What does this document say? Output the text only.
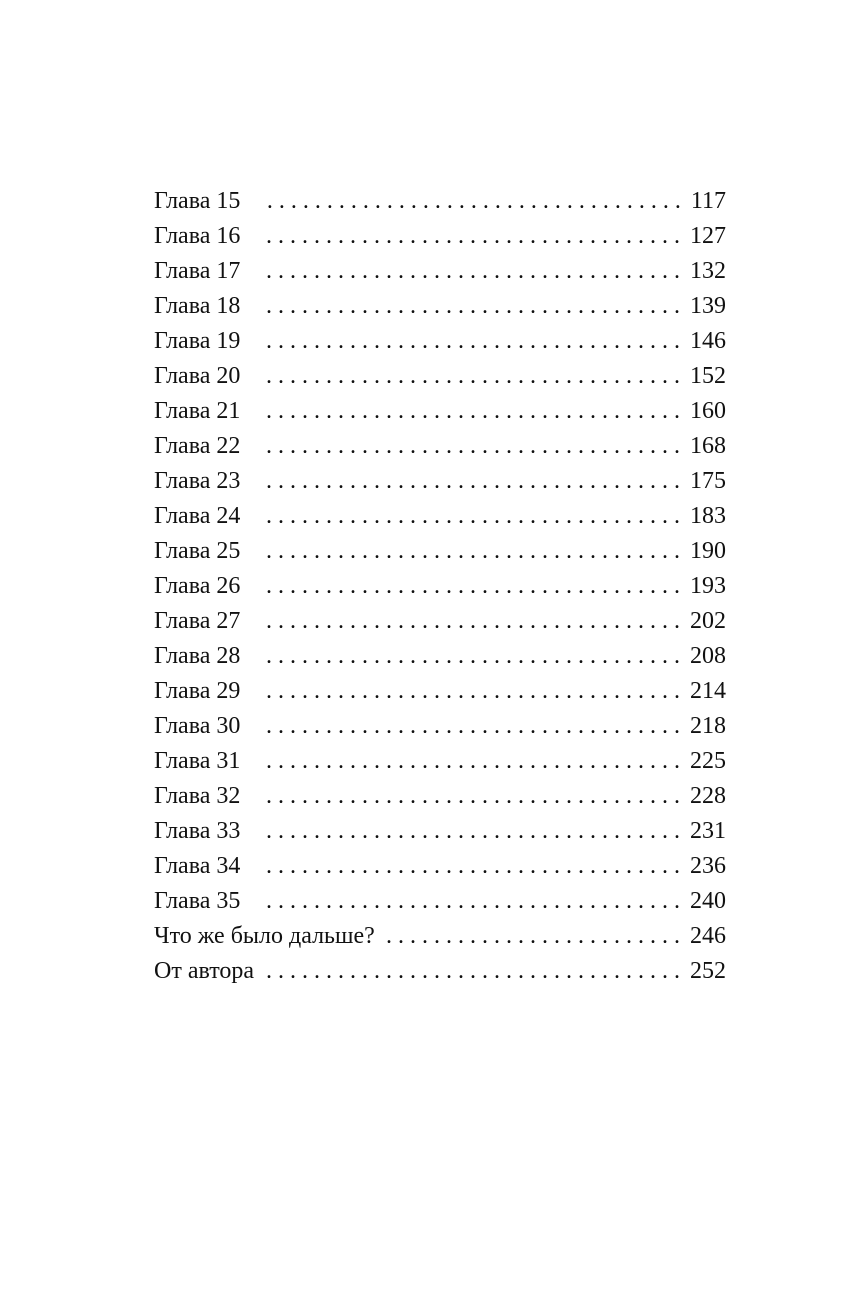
Глава 15 . . .	117
Глава 16 . . .	127
Глава 17 . . .	132
Глава 18 . . .	139
Глава 19 . . .	146
Глава 20 . . .	152
Глава 21 . . .	160
Глава 22 . . .	168
Глава 23 . . .	175
Глава 24 . . .	183
Глава 25 . . .	190
Глава 26 . . .	193
Глава 27 . . .	202
Глава 28 . . .	208
Глава 29 . . .	214
Глава 30 . . .	218
Глава 31 . . .	225
Глава 32 . . .	228
Глава 33 . . .	231
Глава 34 . . .	236
Глава 35 . . .	240
Что же было дальше? . . .	246
От автора . . .	252
